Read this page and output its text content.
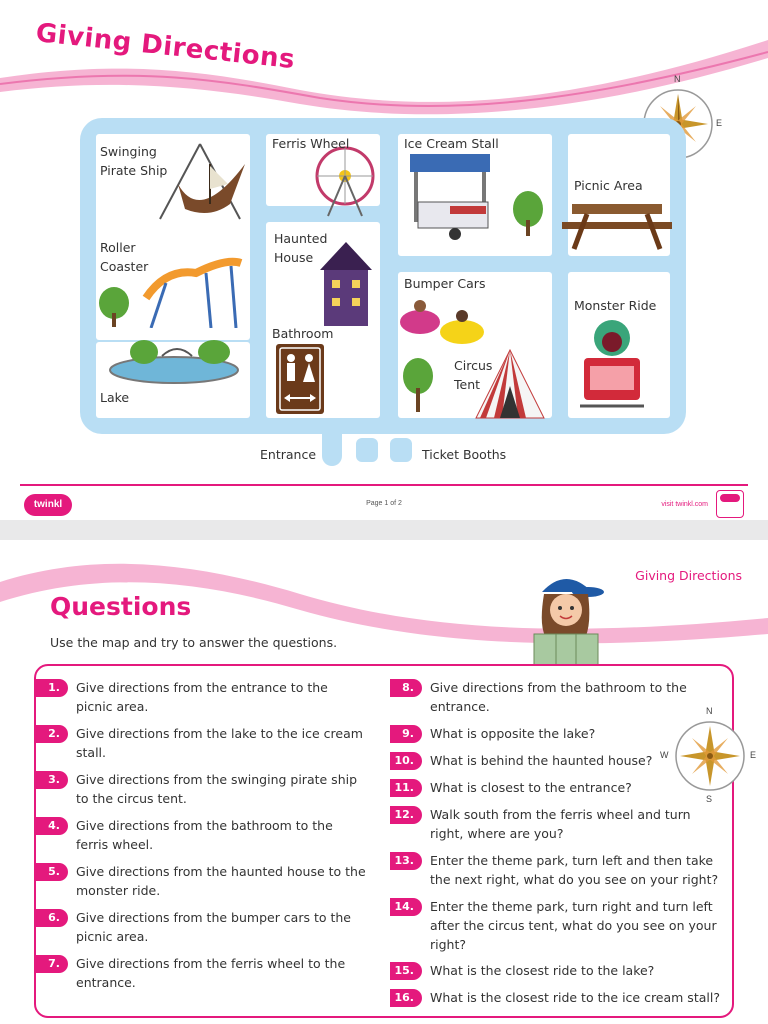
Giving Directions
N
E
Swinging
Pirate Ship
Ferris Wheel	Ice Cream Stall
Picnic Area
Roller
Coaster
Haunted
House
Bumper Cars
Monster Ride
Bathroom
Circus
Tent
Lake
Entrance	Ticket Booths
twinkl	Page 1 of 2	visit twinkl.com
Giving Directions
Questions
Use the map and try to answer the questions.
1.	Give directions from the entrance to the picnic area.
2.	Give directions from the lake to the ice cream stall.
3.	Give directions from the swinging pirate ship to the circus tent.
4.	Give directions from the bathroom to the ferris wheel.
5.	Give directions from the haunted house to the monster ride.
6.	Give directions from the bumper cars to the picnic area.
7.	Give directions from the ferris wheel to the entrance.
8.	Give directions from the bathroom to the entrance.
9.	What is opposite the lake?
10.	What is behind the haunted house?
11.	What is closest to the entrance?
12.	Walk south from the ferris wheel and turn right, where are you?
13.	Enter the theme park, turn left and then take the next right, what do you see on your right?
14.	Enter the theme park, turn right and turn left after the circus tent, what do you see on your right?
15.	What is the closest ride to the lake?
16.	What is the closest ride to the ice cream stall?
N
E
S
W
